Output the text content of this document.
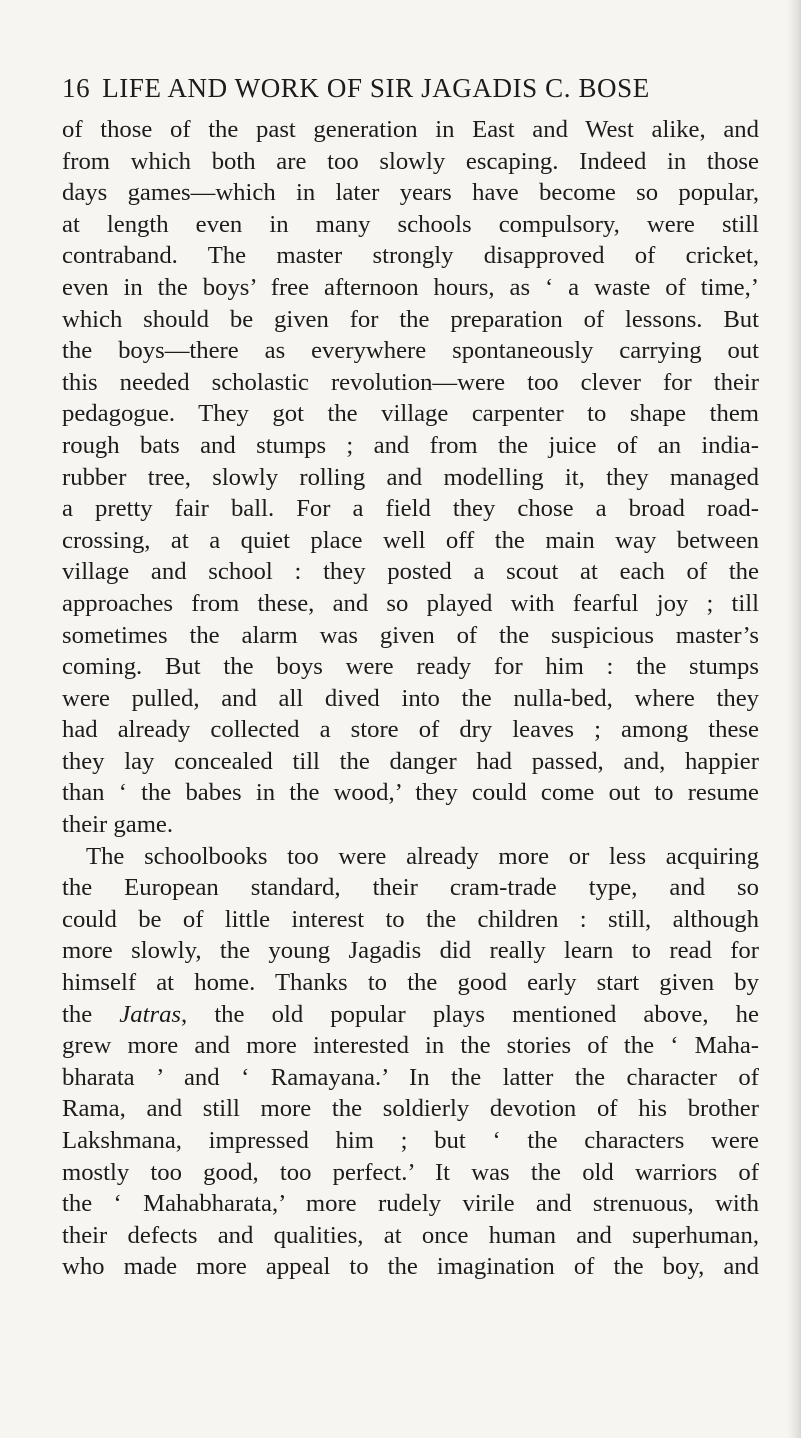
16 LIFE AND WORK OF SIR JAGADIS C. BOSE
of those of the past generation in East and West alike, and
from which both are too slowly escaping. Indeed in those
days games—which in later years have become so popular,
at length even in many schools compulsory, were still
contraband. The master strongly disapproved of cricket,
even in the boys’ free afternoon hours, as ‘ a waste of time,’
which should be given for the preparation of lessons. But
the boys—there as everywhere spontaneously carrying out
this needed scholastic revolution—were too clever for their
pedagogue. They got the village carpenter to shape them
rough bats and stumps ; and from the juice of an india-
rubber tree, slowly rolling and modelling it, they managed
a pretty fair ball. For a field they chose a broad road-
crossing, at a quiet place well off the main way between
village and school : they posted a scout at each of the
approaches from these, and so played with fearful joy ; till
sometimes the alarm was given of the suspicious master’s
coming. But the boys were ready for him : the stumps
were pulled, and all dived into the nulla-bed, where they
had already collected a store of dry leaves ; among these
they lay concealed till the danger had passed, and, happier
than ‘ the babes in the wood,’ they could come out to resume
their game.
The schoolbooks too were already more or less acquiring
the European standard, their cram-trade type, and so
could be of little interest to the children : still, although
more slowly, the young Jagadis did really learn to read for
himself at home. Thanks to the good early start given by
the Jatras, the old popular plays mentioned above, he
grew more and more interested in the stories of the ‘ Maha-
bharata ’ and ‘ Ramayana.’ In the latter the character of
Rama, and still more the soldierly devotion of his brother
Lakshmana, impressed him ; but ‘ the characters were
mostly too good, too perfect.’ It was the old warriors of
the ‘ Mahabharata,’ more rudely virile and strenuous, with
their defects and qualities, at once human and superhuman,
who made more appeal to the imagination of the boy, and
